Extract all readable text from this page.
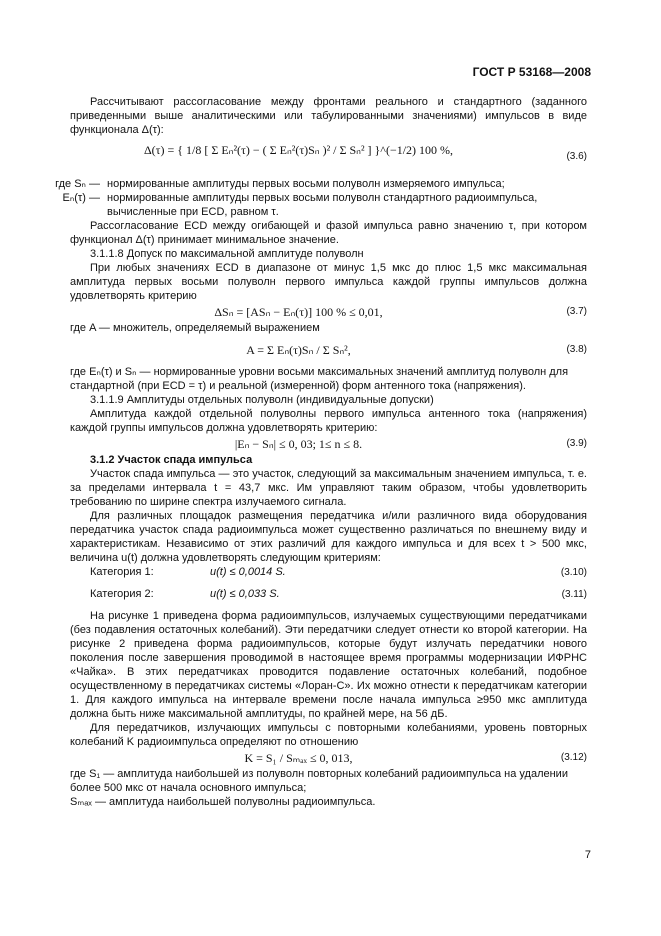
ГОСТ Р 53168—2008

Рассчитывают рассогласование между фронтами реального и стандартного (заданного приведенными выше аналитическими или табулированными значениями) импульсов в виде функционала Δ(τ):

Δ(τ) = { 1/8 [ Σ Eₙ²(τ) − ( Σ Eₙ²(τ)Sₙ )² / Σ Sₙ² ] }^(−1/2) 100 %,	(3.6)
где Sₙ — нормированные амплитуды первых восьми полуволн измеряемого импульса;
Eₙ(τ) — нормированные амплитуды первых восьми полуволн стандартного радиоимпульса, вычисленные при ECD, равном τ.

Рассогласование ECD между огибающей и фазой импульса равно значению τ, при котором функционал Δ(τ) принимает минимальное значение.

3.1.1.8 Допуск по максимальной амплитуде полуволн

При любых значениях ECD в диапазоне от минус 1,5 мкс до плюс 1,5 мкс максимальная амплитуда первых восьми полуволн первого импульса каждой группы импульсов должна удовлетворять критерию

ΔSₙ = [ASₙ − Eₙ(τ)] 100 % ≤ 0,01,	(3.7)

где A — множитель, определяемый выражением

A = Σ Eₙ(τ)Sₙ / Σ Sₙ²,	(3.8)
где Eₙ(τ) и Sₙ — нормированные уровни восьми максимальных значений амплитуд полуволн для стандартной (при ECD = τ) и реальной (измеренной) форм антенного тока (напряжения).

3.1.1.9 Амплитуды отдельных полуволн (индивидуальные допуски)

Амплитуда каждой отдельной полуволны первого импульса антенного тока (напряжения) каждой группы импульсов должна удовлетворять критерию:

|Eₙ − Sₙ| ≤ 0, 03; 1≤ n ≤ 8.	(3.9)

3.1.2 Участок спада импульса

Участок спада импульса — это участок, следующий за максимальным значением импульса, т. е. за пределами интервала t = 43,7 мкс. Им управляют таким образом, чтобы удовлетворить требованию по ширине спектра излучаемого сигнала.

Для различных площадок размещения передатчика и/или различного вида оборудования передатчика участок спада радиоимпульса может существенно различаться по внешнему виду и характеристикам. Независимо от этих различий для каждого импульса и для всех t > 500 мкс, величина u(t) должна удовлетворять следующим критериям:

Категория 1:	u(t) ≤ 0,0014 S.	(3.10)
Категория 2:	u(t) ≤ 0,033 S.	(3.11)

На рисунке 1 приведена форма радиоимпульсов, излучаемых существующими передатчиками (без подавления остаточных колебаний). Эти передатчики следует отнести ко второй категории. На рисунке 2 приведена форма радиоимпульсов, которые будут излучать передатчики нового поколения после завершения проводимой в настоящее время программы модернизации ИФРНС «Чайка». В этих передатчиках проводится подавление остаточных колебаний, подобное осуществленному в передатчиках системы «Лоран-С». Их можно отнести к передатчикам категории 1. Для каждого импульса на интервале времени после начала импульса ≥950 мкс амплитуда должна быть ниже максимальной амплитуды, по крайней мере, на 56 дБ.

Для передатчиков, излучающих импульсы с повторными колебаниями, уровень повторных колебаний K радиоимпульса определяют по отношению

K = S₁ / Sₘₐₓ ≤ 0, 013,	(3.12)
где S₁ — амплитуда наибольшей из полуволн повторных колебаний радиоимпульса на удалении более 500 мкс от начала основного импульса;
Sₘₐₓ — амплитуда наибольшей полуволны радиоимпульса.
7
